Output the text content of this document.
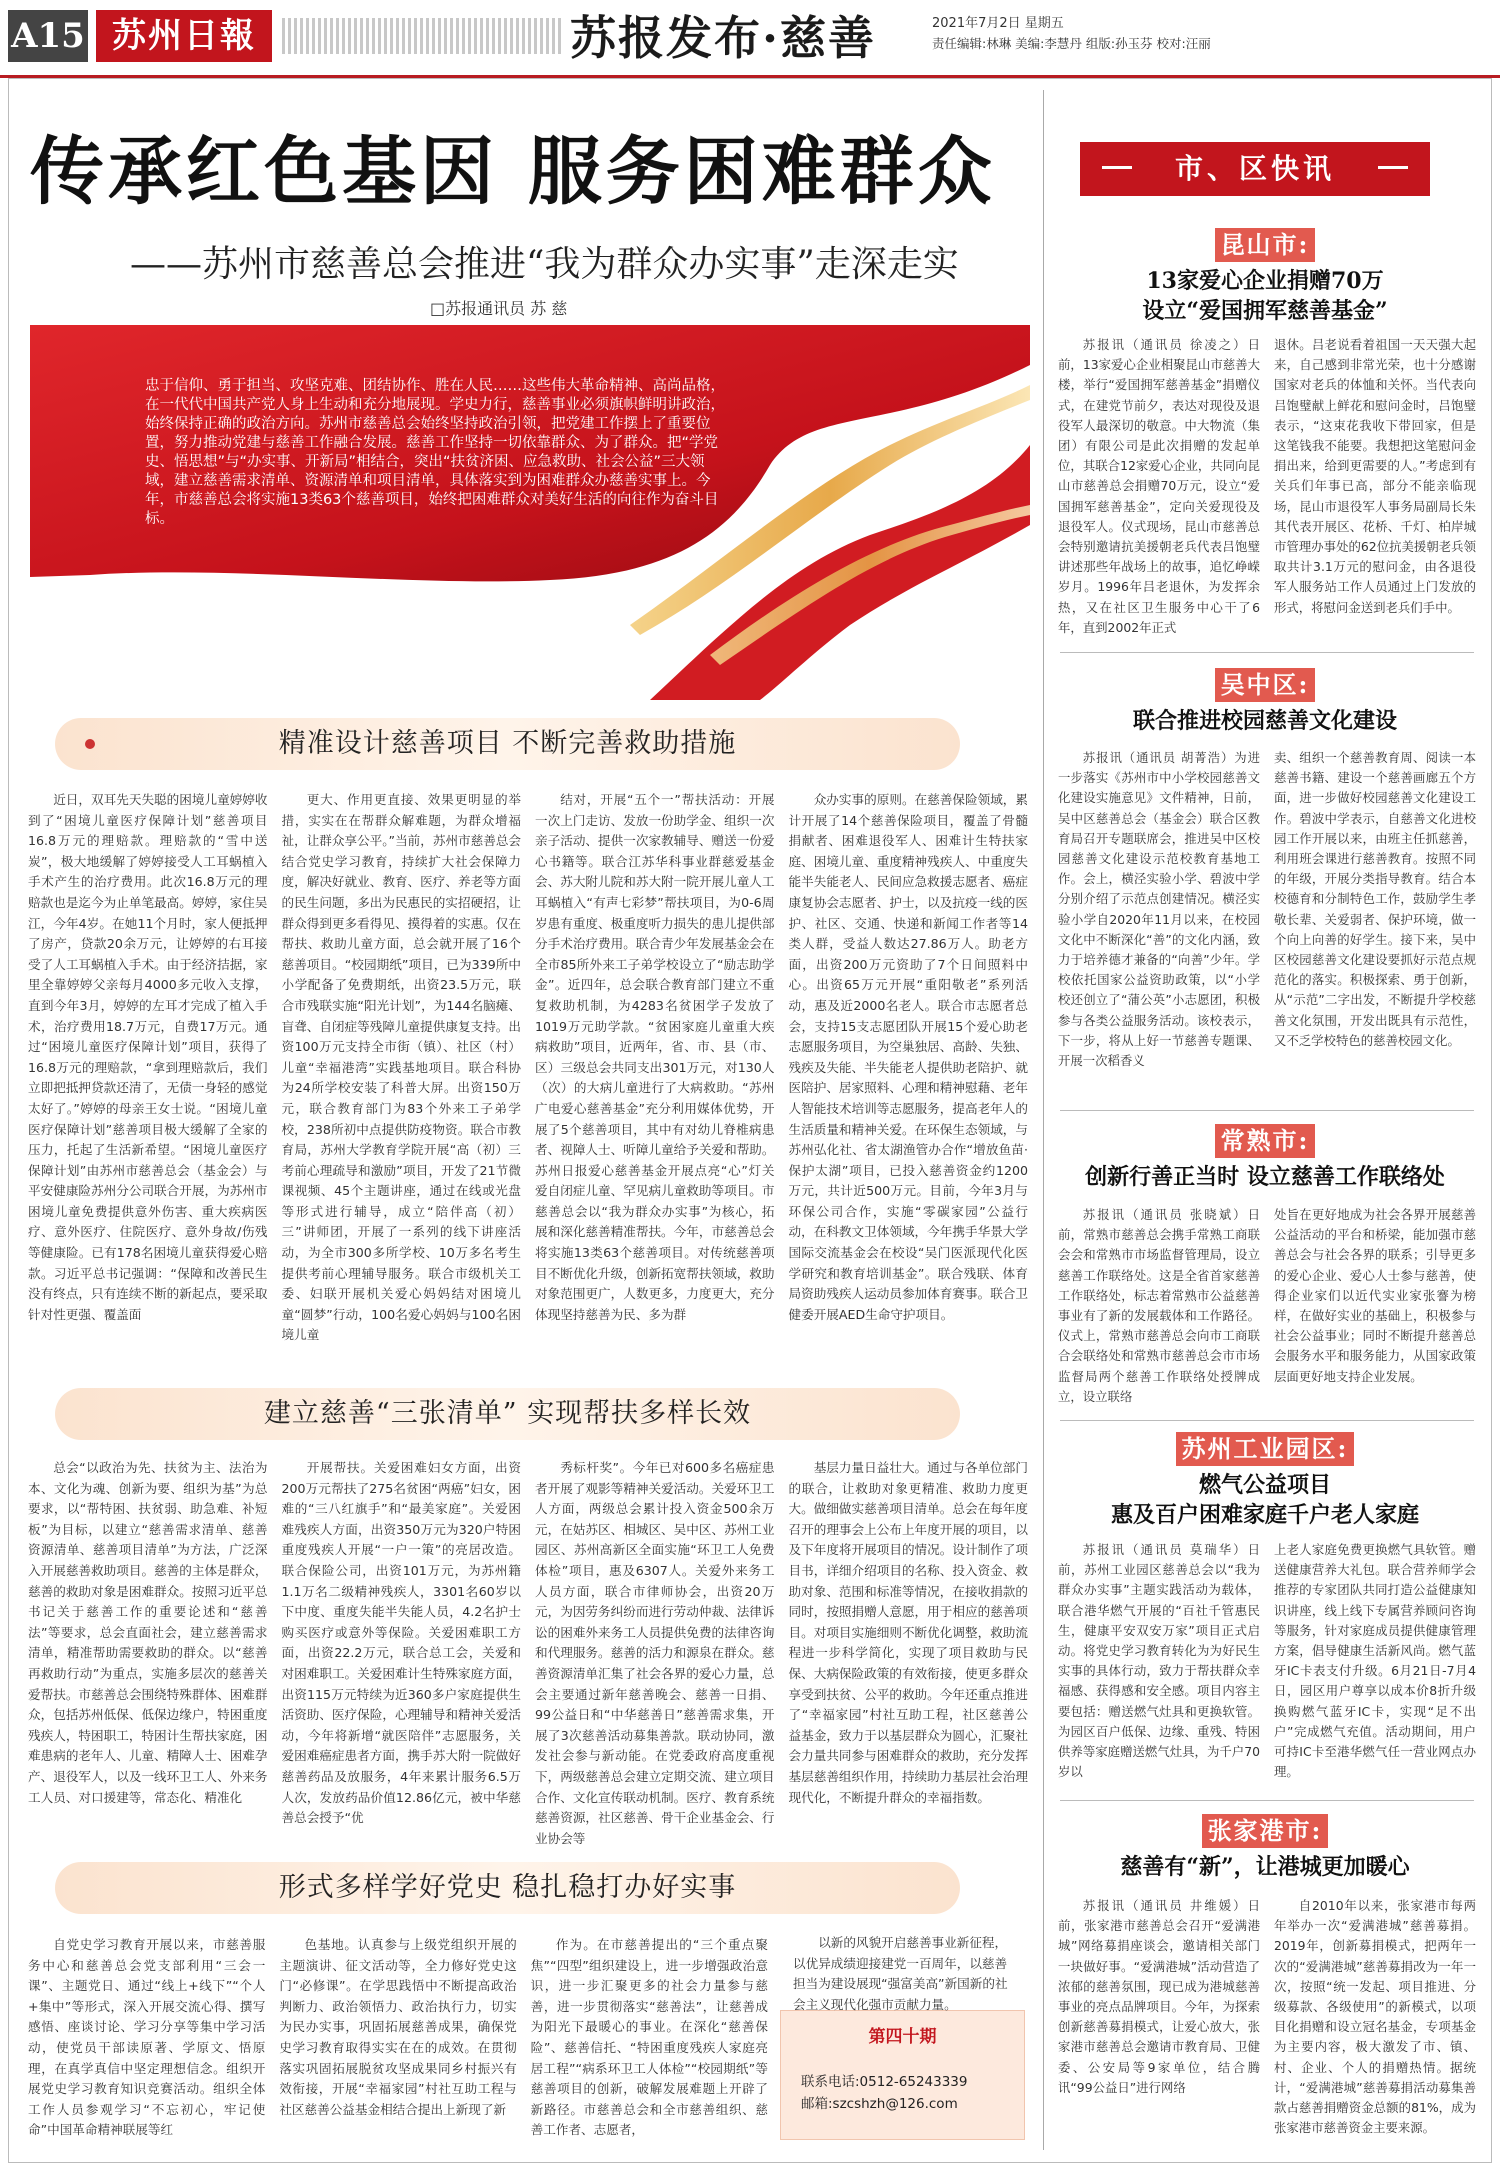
A15 苏州日報	苏报发布·慈善	2021年7月2日 星期五
责任编辑:林琳 美编:李慧丹 组版:孙玉芬 校对:汪丽
传承红色基因 服务困难群众
——苏州市慈善总会推进“我为群众办实事”走深走实
□苏报通讯员 苏 慈
忠于信仰、勇于担当、攻坚克难、团结协作、胜在人民……这些伟大革命精神、高尚品格，在一代代中国共产党人身上生动和充分地展现。学史力行，慈善事业必须旗帜鲜明讲政治，始终保持正确的政治方向。苏州市慈善总会始终坚持政治引领，把党建工作摆上了重要位置，努力推动党建与慈善工作融合发展。慈善工作坚持一切依靠群众、为了群众。把“学党史、悟思想”与“办实事、开新局”相结合，突出“扶贫济困、应急救助、社会公益”三大领域，建立慈善需求清单、资源清单和项目清单，具体落实到为困难群众办慈善实事上。今年，市慈善总会将实施13类63个慈善项目，始终把困难群众对美好生活的向往作为奋斗目标。
精准设计慈善项目 不断完善救助措施
近日，双耳先天失聪的困境儿童婷婷收到了“困境儿童医疗保障计划”慈善项目16.8万元的理赔款。理赔款的“雪中送炭”，极大地缓解了婷婷接受人工耳蜗植入手术产生的治疗费用。此次16.8万元的理赔款也是迄今为止单笔最高。婷婷，家住吴江，今年4岁。在她11个月时，家人便抵押了房产，贷款20余万元，让婷婷的右耳接受了人工耳蜗植入手术。由于经济拮据，家里全靠婷婷父亲每月4000多元收入支撑，直到今年3月，婷婷的左耳才完成了植入手术，治疗费用18.7万元，自费17万元。通过“困境儿童医疗保障计划”项目，获得了16.8万元的理赔款，“拿到理赔款后，我们立即把抵押贷款还清了，无债一身轻的感觉太好了。”婷婷的母亲王女士说。“困境儿童医疗保障计划”慈善项目极大缓解了全家的压力，托起了生活新希望。“困境儿童医疗保障计划”由苏州市慈善总会（基金会）与平安健康险苏州分公司联合开展，为苏州市困境儿童免费提供意外伤害、重大疾病医疗、意外医疗、住院医疗、意外身故/伤残等健康险。已有178名困境儿童获得爱心赔款。习近平总书记强调：“保障和改善民生没有终点，只有连续不断的新起点，要采取针对性更强、覆盖面
更大、作用更直接、效果更明显的举措，实实在在帮群众解难题，为群众增福祉，让群众享公平。”当前，苏州市慈善总会结合党史学习教育，持续扩大社会保障力度，解决好就业、教育、医疗、养老等方面的民生问题，多出为民惠民的实招硬招，让群众得到更多看得见、摸得着的实惠。仅在帮扶、救助儿童方面，总会就开展了16个慈善项目。“校园期纸”项目，已为339所中小学配备了免费期纸，出资23.5万元，联合市残联实施“阳光计划”，为144名脑瘫、盲聋、自闭症等残障儿童提供康复支持。出资100万元支持全市街（镇）、社区（村）儿童“幸福港湾”实践基地项目。联合科协为24所学校安装了科普大屏。出资150万元，联合教育部门为83个外来工子弟学校，238所初中点提供防疫物资。联合市教育局，苏州大学教育学院开展“高（初）三考前心理疏导和激励”项目，开发了21节微课视频、45个主题讲座，通过在线或光盘等形式进行辅导，成立“陪伴高（初）三”讲师团，开展了一系列的线下讲座活动，为全市300多所学校、10万多名考生提供考前心理辅导服务。联合市级机关工委、妇联开展机关爱心妈妈结对困境儿童“圆梦”行动，100名爱心妈妈与100名困境儿童
结对，开展“五个一”帮扶活动：开展一次上门走访、发放一份助学金、组织一次亲子活动、提供一次家教辅导、赠送一份爱心书籍等。联合江苏华科事业群慈爱基金会、苏大附儿院和苏大附一院开展儿童人工耳蜗植入“有声七彩梦”帮扶项目，为0-6周岁患有重度、极重度听力损失的患儿提供部分手术治疗费用。联合青少年发展基金会在全市85所外来工子弟学校设立了“励志助学金”。近四年，总会联合教育部门建立不重复救助机制，为4283名贫困学子发放了1019万元助学款。“贫困家庭儿童重大疾病救助”项目，近两年，省、市、县（市、区）三级总会共同支出301万元，对130人（次）的大病儿童进行了大病救助。“苏州广电爱心慈善基金”充分利用媒体优势，开展了5个慈善项目，其中有对幼儿脊椎病患者、视障人士、听障儿童给予关爱和帮助。苏州日报爱心慈善基金开展点亮“心”灯关爱自闭症儿童、罕见病儿童救助等项目。市慈善总会以“我为群众办实事”为核心，拓展和深化慈善精准帮扶。今年，市慈善总会将实施13类63个慈善项目。对传统慈善项目不断优化升级，创新拓宽帮扶领域，救助对象范围更广，人数更多，力度更大，充分体现坚持慈善为民、多为群
众办实事的原则。在慈善保险领域，累计开展了14个慈善保险项目，覆盖了骨髓捐献者、困难退役军人、困难计生特扶家庭、困境儿童、重度精神残疾人、中重度失能半失能老人、民间应急救援志愿者、癌症康复协会志愿者、护士，以及抗疫一线的医护、社区、交通、快递和新闻工作者等14类人群，受益人数达27.86万人。助老方面，出资200万元资助了7个日间照料中心。出资65万元开展“重阳敬老”系列活动，惠及近2000名老人。联合市志愿者总会，支持15支志愿团队开展15个爱心助老志愿服务项目，为空巢独居、高龄、失独、残疾及失能、半失能老人提供助老陪护、就医陪护、居家照料、心理和精神慰藉、老年人智能技术培训等志愿服务，提高老年人的生活质量和精神关爱。在环保生态领域，与苏州弘化社、省太湖渔管办合作“增放鱼苗·保护太湖”项目，已投入慈善资金约1200万元，共计近500万元。目前，今年3月与环保公司合作，实施“零碳家园”公益行动，在科教文卫体领域，今年携手华景大学国际交流基金会在校设“吴门医派现代化医学研究和教育培训基金”。联合残联、体育局资助残疾人运动员参加体育赛事。联合卫健委开展AED生命守护项目。
建立慈善“三张清单” 实现帮扶多样长效
总会“以政治为先、扶贫为主、法治为本、文化为魂、创新为要、组织为基”为总要求，以“帮特困、扶贫弱、助急难、补短板”为目标，以建立“慈善需求清单、慈善资源清单、慈善项目清单”为方法，广泛深入开展慈善救助项目。慈善的主体是群众，慈善的救助对象是困难群众。按照习近平总书记关于慈善工作的重要论述和“慈善法”等要求，总会直面社会，建立慈善需求清单，精准帮助需要救助的群众。以“慈善再救助行动”为重点，实施多层次的慈善关爱帮扶。市慈善总会围绕特殊群体、困难群众，包括苏州低保、低保边缘户，特困重度残疾人，特困职工，特困计生帮扶家庭，困难患病的老年人、儿童、精障人士、困难孕产、退役军人，以及一线环卫工人、外来务工人员、对口援建等，常态化、精准化
开展帮扶。关爱困难妇女方面，出资200万元帮扶了275名贫困“两癌”妇女，困难的“三八红旗手”和“最美家庭”。关爱困难残疾人方面，出资350万元为320户特困重度残疾人开展“一户一策”的亮居改造。联合保险公司，出资101万元，为苏州籍1.1万名二级精神残疾人，3301名60岁以下中度、重度失能半失能人员，4.2名护士购买医疗或意外等保险。关爱困难职工方面，出资22.2万元，联合总工会，关爱和对困难职工。关爱困难计生特殊家庭方面，出资115万元特续为近360多户家庭提供生活资助、医疗保险，心理辅导和精神关爱活动，今年将新增“就医陪伴”志愿服务，关爱困难癌症患者方面，携手苏大附一院做好慈善药品及放服务，4年来累计服务6.5万人次，发放药品价值12.86亿元，被中华慈善总会授予“优
秀标杆奖”。今年已对600多名癌症患者开展了观影等精神关爱活动。关爱环卫工人方面，两级总会累计投入资金500余万元，在姑苏区、相城区、吴中区、苏州工业园区、苏州高新区全面实施“环卫工人免费体检”项目，惠及6307人。关爱外来务工人员方面，联合市律师协会，出资20万元，为因劳务纠纷而进行劳动仲裁、法律诉讼的困难外来务工人员提供免费的法律咨询和代理服务。慈善的活力和源泉在群众。慈善资源清单汇集了社会各界的爱心力量，总会主要通过新年慈善晚会、慈善一日捐、99公益日和“中华慈善日”慈善需求集，开展了3次慈善活动募集善款。联动协同，激发社会参与新动能。在党委政府高度重视下，两级慈善总会建立定期交流、建立项目合作、文化宣传联动机制。医疗、教育系统慈善资源，社区慈善、骨干企业基金会、行业协会等
基层力量日益壮大。通过与各单位部门的联合，让救助对象更精准、救助力度更大。做细做实慈善项目清单。总会在每年度召开的理事会上公布上年度开展的项目，以及下年度将开展项目的情况。设计制作了项目书，详细介绍项目的名称、投入资金、救助对象、范围和标准等情况，在接收捐款的同时，按照捐赠人意愿，用于相应的慈善项目。对项目实施细则不断优化调整，救助流程进一步科学简化，实现了项目救助与民保、大病保险政策的有效衔接，使更多群众享受到扶贫、公平的救助。今年还重点推进了“幸福家园”村社互助工程，社区慈善公益基金，致力于以基层群众为圆心，汇聚社会力量共同参与困难群众的救助，充分发挥基层慈善组织作用，持续助力基层社会治理现代化，不断提升群众的幸福指数。
形式多样学好党史 稳扎稳打办好实事
自党史学习教育开展以来，市慈善服务中心和慈善总会党支部利用“三会一课”、主题党日、通过“线上+线下”“个人+集中”等形式，深入开展交流心得、撰写感悟、座谈讨论、学习分享等集中学习活动，使党员干部读原著、学原文、悟原理，在真学真信中坚定理想信念。组织开展党史学习教育知识竞赛活动。组织全体工作人员参观学习“不忘初心，牢记使命”中国革命精神联展等红
色基地。认真参与上级党组织开展的主题演讲、征文活动等，全力修好党史这门“必修课”。在学思践悟中不断提高政治判断力、政治领悟力、政治执行力，切实为民办实事，巩固拓展慈善成果，确保党史学习教育取得实实在在的成效。在贯彻落实巩固拓展脱贫攻坚成果同乡村振兴有效衔接，开展“幸福家园”村社互助工程与社区慈善公益基金相结合提出上新现了新
作为。在市慈善提出的“三个重点聚焦”“四型”组织建设上，进一步增强政治意识，进一步汇聚更多的社会力量参与慈善，进一步贯彻落实“慈善法”，让慈善成为阳光下最暖心的事业。在深化“慈善保险”、慈善信托、“特困重度残疾人家庭亮居工程”“病系环卫工人体检”“校园期纸”等慈善项目的创新，破解发展难题上开辟了新路径。市慈善总会和全市慈善组织、慈善工作者、志愿者，
以新的风貌开启慈善事业新征程，以优异成绩迎接建党一百周年，以慈善担当为建设展现“强富美高”新国新的社会主义现代化强市贡献力量。
第四十期
联系电话:0512-65243339
邮箱:szcshzh@126.com
市、区快讯
昆山市:
13家爱心企业捐赠70万
设立“爱国拥军慈善基金”
苏报讯（通讯员 徐凌之）日前，13家爱心企业相聚昆山市慈善大楼，举行“爱国拥军慈善基金”捐赠仪式，在建党节前夕，表达对现役及退役军人最深切的敬意。中大物流（集团）有限公司是此次捐赠的发起单位，其联合12家爱心企业，共同向昆山市慈善总会捐赠70万元，设立“爱国拥军慈善基金”，定向关爱现役及退役军人。仪式现场，昆山市慈善总会特别邀请抗美援朝老兵代表吕饱璧讲述那些年战场上的故事，追忆峥嵘岁月。1996年吕老退休，为发挥余热，又在社区卫生服务中心干了6年，直到2002年正式
退休。吕老说看着祖国一天天强大起来，自己感到非常光荣，也十分感谢国家对老兵的体恤和关怀。当代表向吕饱璧献上鲜花和慰问金时，吕饱璧表示，“这束花我收下带回家，但是这笔钱我不能要。我想把这笔慰问金捐出来，给到更需要的人。”考虑到有关兵们年事已高，部分不能亲临现场，昆山市退役军人事务局副局长朱其代表开展区、花桥、千灯、柏岸城市管理办事处的62位抗美援朝老兵领取共计3.1万元的慰问金，由各退役军人服务站工作人员通过上门发放的形式，将慰问金送到老兵们手中。
吴中区:
联合推进校园慈善文化建设
苏报讯（通讯员 胡菁浩）为进一步落实《苏州市中小学校园慈善文化建设实施意见》文件精神，日前，吴中区慈善总会（基金会）联合区教育局召开专题联席会，推进吴中区校园慈善文化建设示范校教育基地工作。会上，横泾实验小学、碧波中学分别介绍了示范点创建情况。横泾实验小学自2020年11月以来，在校园文化中不断深化“善”的文化内涵，致力于培养德才兼备的“向善”少年。学校依托国家公益资助政策，以“小学校还创立了“蒲公英”小志愿团，积极参与各类公益服务活动。该校表示，下一步，将从上好一节慈善专题课、开展一次稻香义
卖、组织一个慈善教育周、阅读一本慈善书籍、建设一个慈善画廊五个方面，进一步做好校园慈善文化建设工作。碧波中学表示，自慈善文化进校园工作开展以来，由班主任抓慈善，利用班会课进行慈善教育。按照不同的年级，开展分类指导教育。结合本校德育和分制特色工作，鼓励学生孝敬长辈、关爱弱者、保护环境，做一个向上向善的好学生。接下来，吴中区校园慈善文化建设要抓好示范点规范化的落实。积极探索、勇于创新，从“示范”二字出发，不断提升学校慈善文化氛围，开发出既具有示范性，又不乏学校特色的慈善校园文化。
常熟市:
创新行善正当时 设立慈善工作联络处
苏报讯（通讯员 张晓斌）日前，常熟市慈善总会携手常熟工商联会会和常熟市市场监督管理局，设立慈善工作联络处。这是全省首家慈善工作联络处，标志着常熟市公益慈善事业有了新的发展载体和工作路径。仪式上，常熟市慈善总会向市工商联合会联络处和常熟市慈善总会市市场监督局两个慈善工作联络处授牌成立，设立联络
处旨在更好地成为社会各界开展慈善公益活动的平台和桥梁，能加强市慈善总会与社会各界的联系；引导更多的爱心企业、爱心人士参与慈善，使得企业家们以近代实业家张謇为榜样，在做好实业的基础上，积极参与社会公益事业；同时不断提升慈善总会服务水平和服务能力，从国家政策层面更好地支持企业发展。
苏州工业园区:
燃气公益项目
惠及百户困难家庭千户老人家庭
苏报讯（通讯员 莫瑞华）日前，苏州工业园区慈善总会以“我为群众办实事”主题实践活动为载体，联合港华燃气开展的“百社千管惠民生，健康平安双安万家”项目正式启动。将党史学习教育转化为为好民生实事的具体行动，致力于帮扶群众幸福感、获得感和安全感。项目内容主要包括：赠送燃气灶具和更换软管。为园区百户低保、边缘、重残、特困供养等家庭赠送燃气灶具，为千户70岁以
上老人家庭免费更换燃气具软管。赠送健康营养大礼包。联合营养师学会推荐的专家团队共同打造公益健康知识讲座，线上线下专属营养顾问咨询等服务，针对家庭成员提供健康管理方案，倡导健康生活新风尚。燃气蓝牙IC卡表支付升级。6月21日-7月4日，园区用户尊享以成本价8折升级换购燃气蓝牙IC卡，实现“足不出户”完成燃气充值。活动期间，用户可持IC卡至港华燃气任一营业网点办理。
张家港市:
慈善有“新”，让港城更加暖心
苏报讯（通讯员 井维媛）日前，张家港市慈善总会召开“爱满港城”网络募捐座谈会，邀请相关部门一块做好事。“爱满港城”活动营造了浓郁的慈善氛围，现已成为港城慈善事业的亮点品牌项目。今年，为探索创新慈善募捐模式，让爱心放大，张家港市慈善总会邀请市教育局、卫健委、公安局等9家单位，结合腾讯“99公益日”进行网络
自2010年以来，张家港市每两年举办一次“爱满港城”慈善募捐。2019年，创新募捐模式，把两年一次的“爱满港城”慈善募捐改为一年一次，按照“统一发起、项目推进、分级募款、各级使用”的新模式，以项目化捐赠和设立冠名基金，专项基金为主要内容，极大激发了市、镇、村、企业、个人的捐赠热情。据统计，“爱满港城”慈善募捐活动募集善款占慈善捐赠资金总额的81%，成为张家港市慈善资金主要来源。
